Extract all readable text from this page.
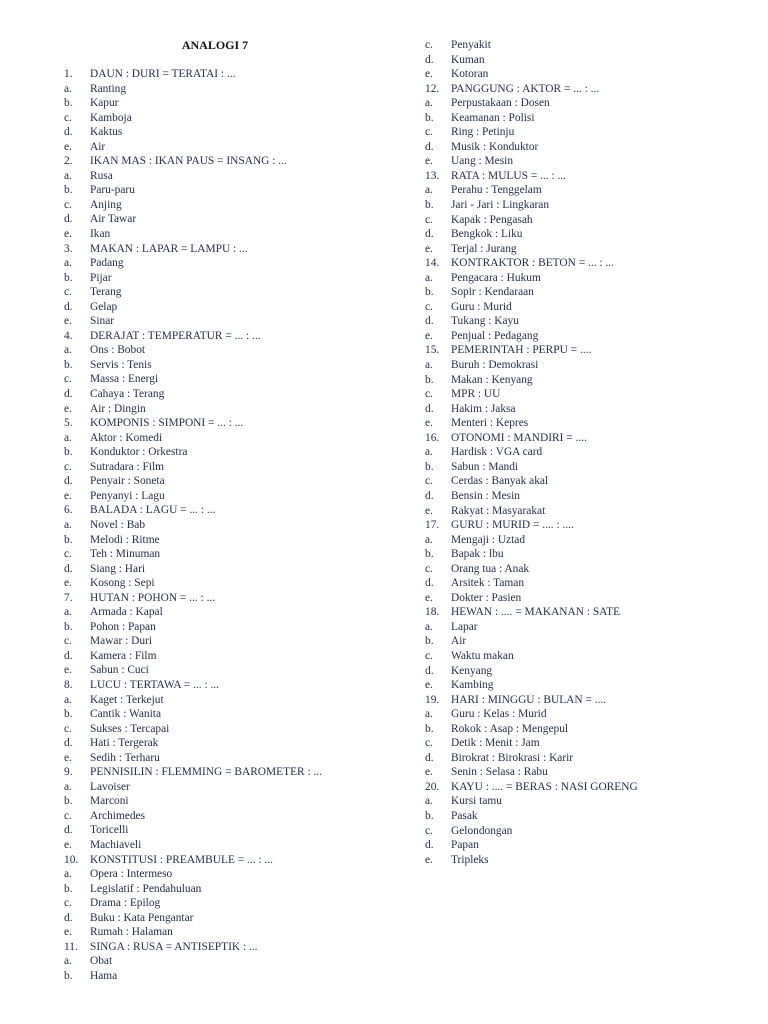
ANALOGI 7
1.	DAUN : DURI = TERATAI : ...
a.	Ranting
b.	Kapur
c.	Kamboja
d.	Kaktus
e.	Air
2.	IKAN MAS : IKAN PAUS = INSANG : ...
a.	Rusa
b.	Paru-paru
c.	Anjing
d.	Air Tawar
e.	Ikan
3.	MAKAN : LAPAR = LAMPU : ...
a.	Padang
b.	Pijar
c.	Terang
d.	Gelap
e.	Sinar
4.	DERAJAT : TEMPERATUR = ... : ...
a.	Ons : Bobot
b.	Servis : Tenis
c.	Massa : Energi
d.	Cahaya : Terang
e.	Air : Dingin
5.	KOMPONIS : SIMPONI = ... : ...
a.	Aktor : Komedi
b.	Konduktor : Orkestra
c.	Sutradara : Film
d.	Penyair : Soneta
e.	Penyanyi : Lagu
6.	BALADA : LAGU = ... : ...
a.	Novel : Bab
b.	Melodi : Ritme
c.	Teh : Minuman
d.	Siang : Hari
e.	Kosong : Sepi
7.	HUTAN : POHON = ... : ...
a.	Armada : Kapal
b.	Pohon : Papan
c.	Mawar : Duri
d.	Kamera : Film
e.	Sabun : Cuci
8.	LUCU : TERTAWA = ... : ...
a.	Kaget : Terkejut
b.	Cantik : Wanita
c.	Sukses : Tercapai
d.	Hati : Tergerak
e.	Sedih : Terharu
9.	PENNISILIN : FLEMMING = BAROMETER : ...
a.	Lavoiser
b.	Marconi
c.	Archimedes
d.	Toricelli
e.	Machiaveli
10.	KONSTITUSI : PREAMBULE = ... : ...
a.	Opera : Intermeso
b.	Legislatif : Pendahuluan
c.	Drama : Epilog
d.	Buku : Kata Pengantar
e.	Rumah : Halaman
11.	SINGA : RUSA = ANTISEPTIK : ...
a.	Obat
b.	Hama
c.	Penyakit
d.	Kuman
e.	Kotoran
12.	PANGGUNG : AKTOR = ... : ...
a.	Perpustakaan : Dosen
b.	Keamanan : Polisi
c.	Ring : Petinju
d.	Musik : Konduktor
e.	Uang : Mesin
13.	RATA : MULUS = ... : ...
a.	Perahu : Tenggelam
b.	Jari - Jari : Lingkaran
c.	Kapak : Pengasah
d.	Bengkok : Liku
e.	Terjal : Jurang
14.	KONTRAKTOR : BETON = ... : ...
a.	Pengacara : Hukum
b.	Sopir : Kendaraan
c.	Guru : Murid
d.	Tukang : Kayu
e.	Penjual : Pedagang
15.	PEMERINTAH : PERPU = ....
a.	Buruh : Demokrasi
b.	Makan : Kenyang
c.	MPR : UU
d.	Hakim : Jaksa
e.	Menteri : Kepres
16.	OTONOMI : MANDIRI = ....
a.	Hardisk : VGA card
b.	Sabun : Mandi
c.	Cerdas : Banyak akal
d.	Bensin : Mesin
e.	Rakyat : Masyarakat
17.	GURU : MURID = .... : ....
a.	Mengaji : Uztad
b.	Bapak : lbu
c.	Orang tua : Anak
d.	Arsitek : Taman
e.	Dokter : Pasien
18.	HEWAN : .... = MAKANAN : SATE
a.	Lapar
b.	Air
c.	Waktu makan
d.	Kenyang
e.	Kambing
19.	HARI : MINGGU : BULAN = ....
a.	Guru : Kelas : Murid
b.	Rokok : Asap : Mengepul
c.	Detik : Menit : Jam
d.	Birokrat : Birokrasi : Karir
e.	Senin : Selasa : Rabu
20.	KAYU : .... = BERAS : NASI GORENG
a.	Kursi tamu
b.	Pasak
c.	Gelondongan
d.	Papan
e.	Tripleks
